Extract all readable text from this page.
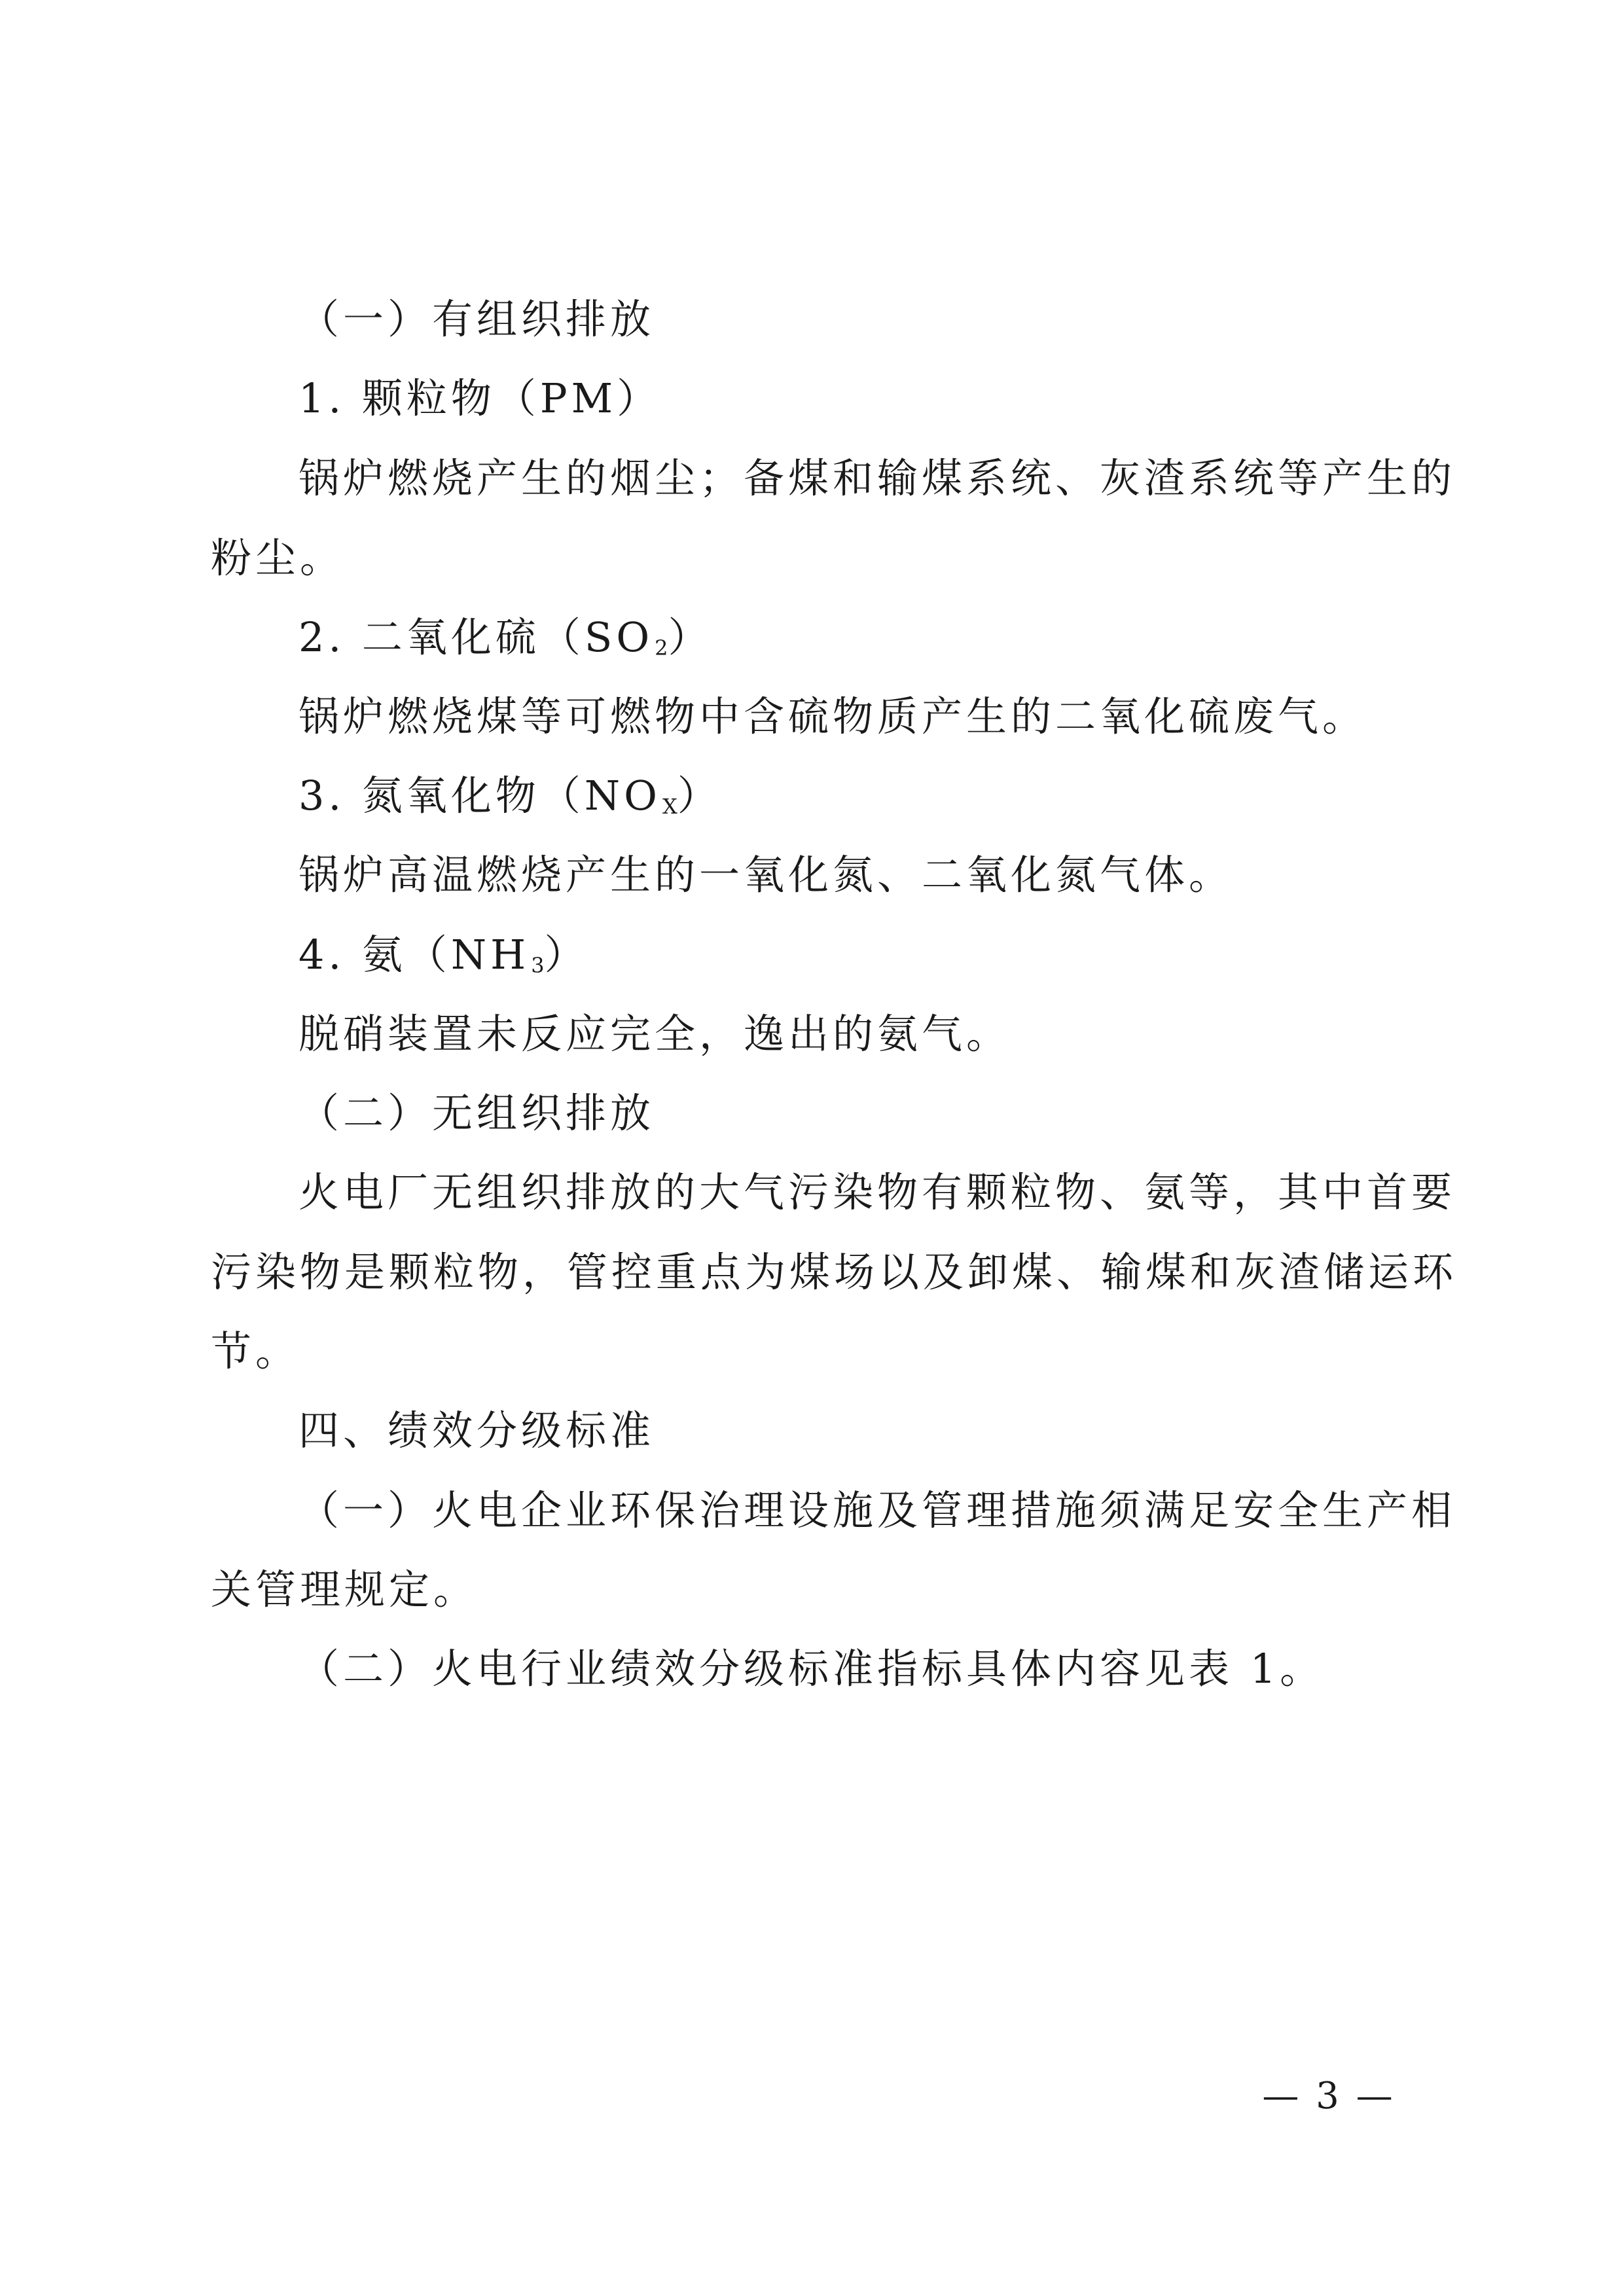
（一）有组织排放
1. 颗粒物（PM）
锅炉燃烧产生的烟尘；备煤和输煤系统、灰渣系统等产生的
粉尘。
2. 二氧化硫（SO2）
锅炉燃烧煤等可燃物中含硫物质产生的二氧化硫废气。
3. 氮氧化物（NOX）
锅炉高温燃烧产生的一氧化氮、二氧化氮气体。
4. 氨（NH3）
脱硝装置未反应完全，逸出的氨气。
（二）无组织排放
火电厂无组织排放的大气污染物有颗粒物、氨等，其中首要
污染物是颗粒物，管控重点为煤场以及卸煤、输煤和灰渣储运环
节。
四、绩效分级标准
（一）火电企业环保治理设施及管理措施须满足安全生产相
关管理规定。
（二）火电行业绩效分级标准指标具体内容见表 1。
— 3 —
